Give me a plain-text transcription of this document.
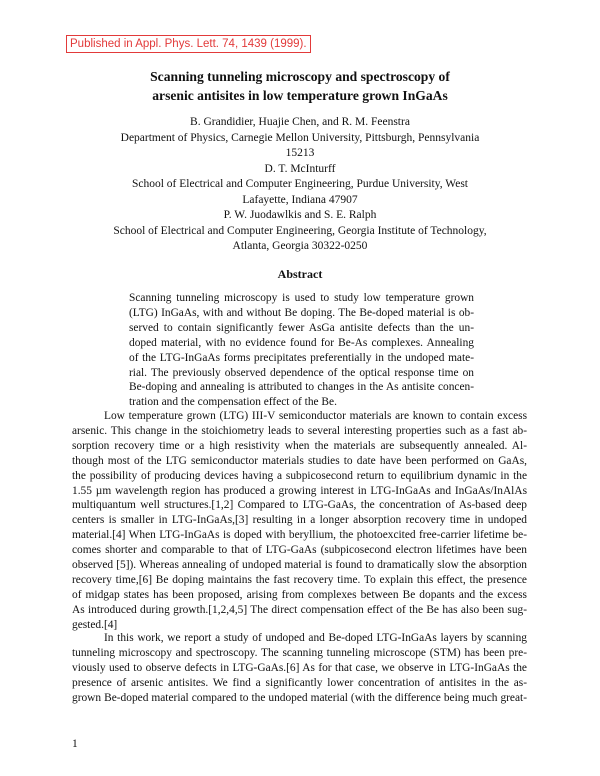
Published in Appl. Phys. Lett. 74, 1439 (1999).
Scanning tunneling microscopy and spectroscopy of
arsenic antisites in low temperature grown InGaAs
B. Grandidier, Huajie Chen, and R. M. Feenstra
Department of Physics, Carnegie Mellon University, Pittsburgh, Pennsylvania
15213
D. T. McInturff
School of Electrical and Computer Engineering, Purdue University, West
Lafayette, Indiana 47907
P. W. Juodawlkis and S. E. Ralph
School of Electrical and Computer Engineering, Georgia Institute of Technology,
Atlanta, Georgia 30322-0250
Abstract
Scanning tunneling microscopy is used to study low temperature grown
(LTG) InGaAs, with and without Be doping. The Be-doped material is ob-
served to contain significantly fewer AsGa antisite defects than the un-
doped material, with no evidence found for Be-As complexes. Annealing
of the LTG-InGaAs forms precipitates preferentially in the undoped mate-
rial. The previously observed dependence of the optical response time on
Be-doping and annealing is attributed to changes in the As antisite concen-
tration and the compensation effect of the Be.
Low temperature grown (LTG) III-V semiconductor materials are known to contain excess
arsenic. This change in the stoichiometry leads to several interesting properties such as a fast ab-
sorption recovery time or a high resistivity when the materials are subsequently annealed. Al-
though most of the LTG semiconductor materials studies to date have been performed on GaAs,
the possibility of producing devices having a subpicosecond return to equilibrium dynamic in the
1.55 µm wavelength region has produced a growing interest in LTG-InGaAs and InGaAs/InAlAs
multiquantum well structures.[1,2] Compared to LTG-GaAs, the concentration of As-based deep
centers is smaller in LTG-InGaAs,[3] resulting in a longer absorption recovery time in undoped
material.[4] When LTG-InGaAs is doped with beryllium, the photoexcited free-carrier lifetime be-
comes shorter and comparable to that of LTG-GaAs (subpicosecond electron lifetimes have been
observed [5]). Whereas annealing of undoped material is found to dramatically slow the absorption
recovery time,[6] Be doping maintains the fast recovery time. To explain this effect, the presence
of midgap states has been proposed, arising from complexes between Be dopants and the excess
As introduced during growth.[1,2,4,5] The direct compensation effect of the Be has also been sug-
gested.[4]
In this work, we report a study of undoped and Be-doped LTG-InGaAs layers by scanning
tunneling microscopy and spectroscopy. The scanning tunneling microscope (STM) has been pre-
viously used to observe defects in LTG-GaAs.[6] As for that case, we observe in LTG-InGaAs the
presence of arsenic antisites. We find a significantly lower concentration of antisites in the as-
grown Be-doped material compared to the undoped material (with the difference being much great-
1
